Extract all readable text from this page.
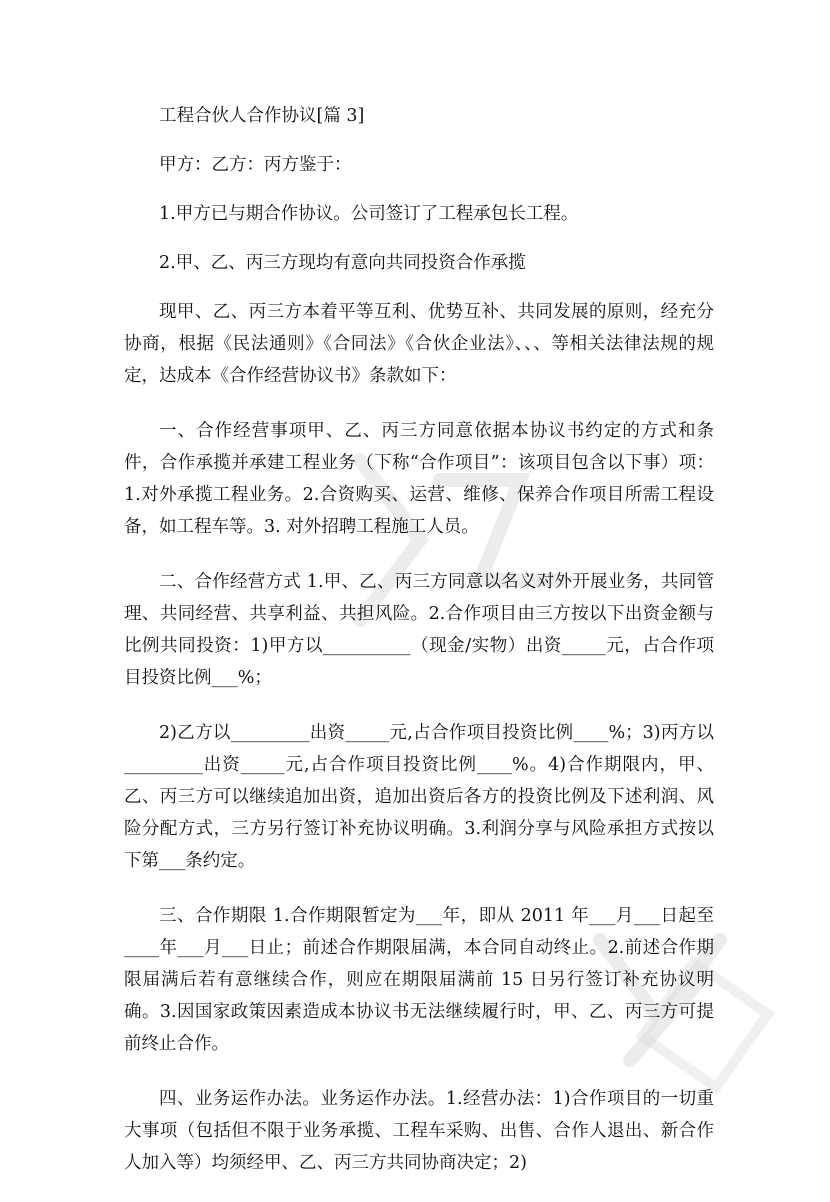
工程合伙人合作协议[篇 3]
甲方：乙方：丙方鉴于：
1.甲方已与期合作协议。公司签订了工程承包长工程。
2.甲、乙、丙三方现均有意向共同投资合作承揽

现甲、乙、丙三方本着平等互利、优势互补、共同发展的原则，经充分协商，根据《民法通则》《合同法》《合伙企业法》、、、等相关法律法规的规定，达成本《合作经营协议书》条款如下：

一、合作经营事项甲、乙、丙三方同意依据本协议书约定的方式和条件，合作承揽并承建工程业务（下称“合作项目”：该项目包含以下事）项：1.对外承揽工程业务。2.合资购买、运营、维修、保养合作项目所需工程设备，如工程车等。3. 对外招聘工程施工人员。

二、合作经营方式 1.甲、乙、丙三方同意以名义对外开展业务，共同管理、共同经营、共享利益、共担风险。2.合作项目由三方按以下出资金额与比例共同投资：1)甲方以__________（现金/实物）出资_____元，占合作项目投资比例___%；

2)乙方以_________出资_____元,占合作项目投资比例____%；3)丙方以_________出资_____元,占合作项目投资比例____%。4)合作期限内，甲、乙、丙三方可以继续追加出资，追加出资后各方的投资比例及下述利润、风险分配方式，三方另行签订补充协议明确。3.利润分享与风险承担方式按以下第___条约定。

三、合作期限 1.合作期限暂定为___年，即从 2011 年___月___日起至____年___月___日止；前述合作期限届满，本合同自动终止。2.前述合作期限届满后若有意继续合作，则应在期限届满前 15 日另行签订补充协议明确。3.因国家政策因素造成本协议书无法继续履行时，甲、乙、丙三方可提前终止合作。

四、业务运作办法。业务运作办法。1.经营办法：1)合作项目的一切重大事项（包括但不限于业务承揽、工程车采购、出售、合作人退出、新合作人加入等）均须经甲、乙、丙三方共同协商决定；2)
